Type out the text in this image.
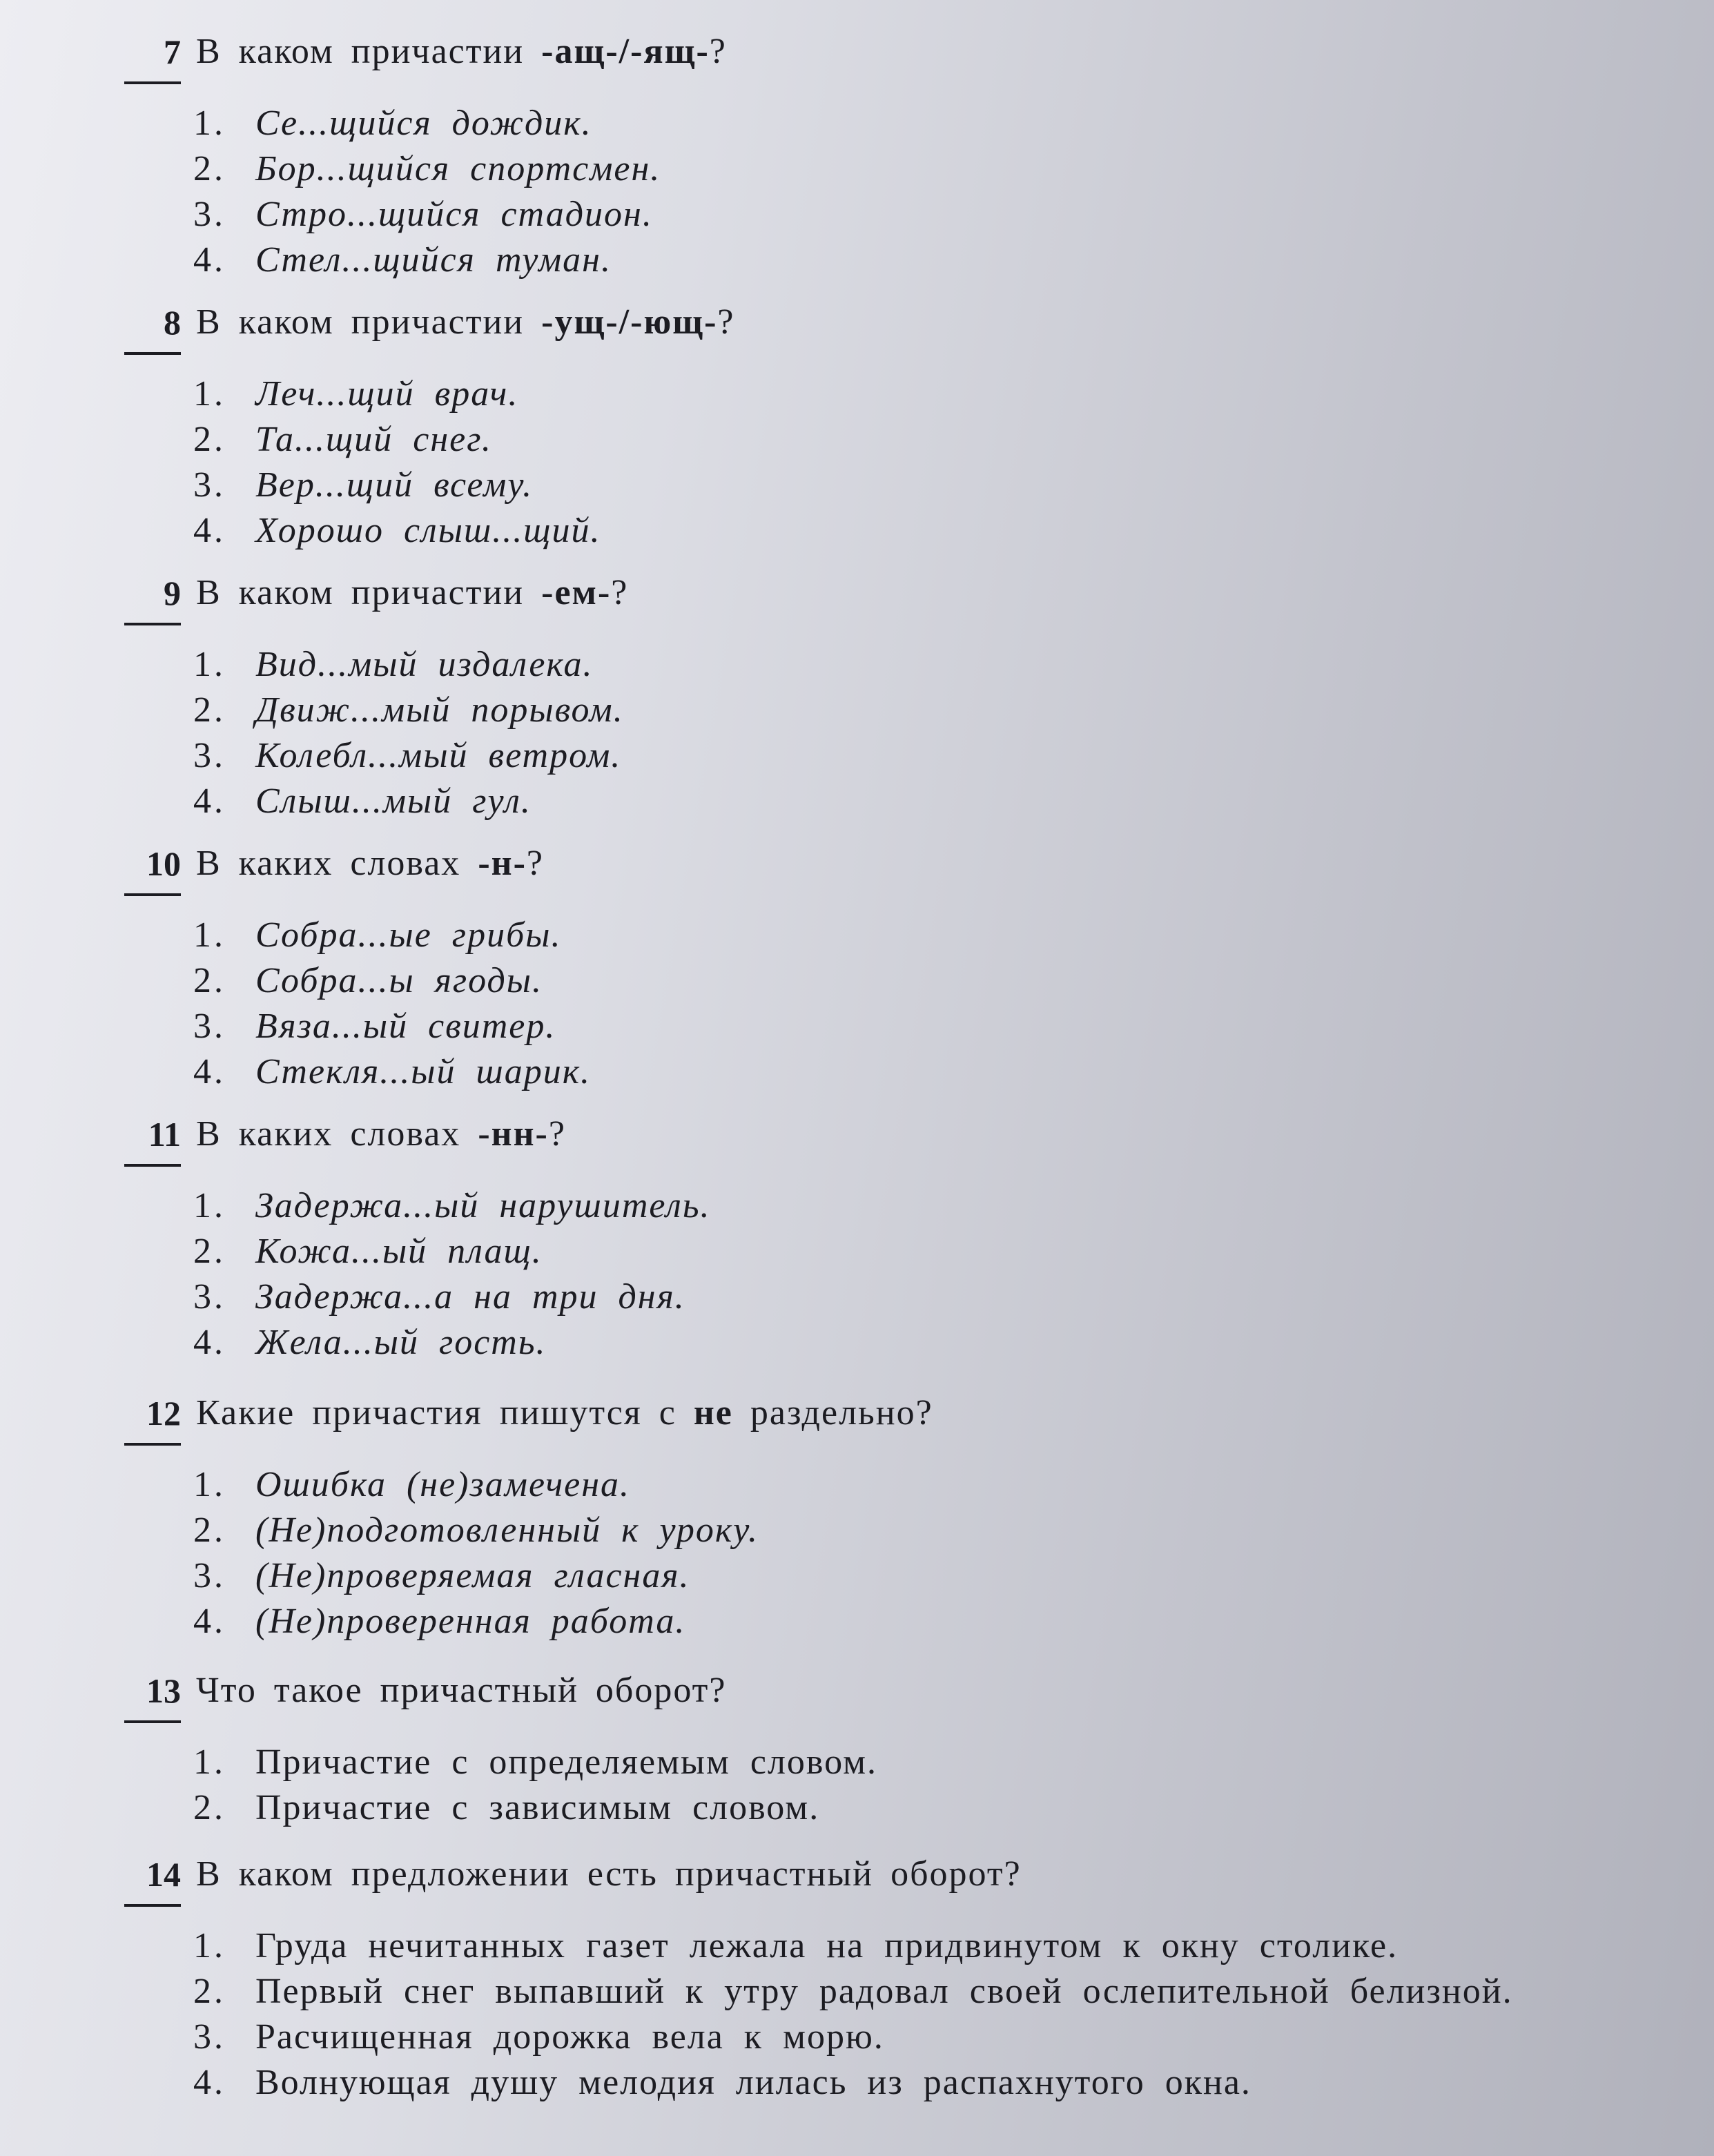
7 В каком причастии -ащ-/-ящ-?
1. Се...щийся дождик.
2. Бор...щийся спортсмен.
3. Стро...щийся стадион.
4. Стел...щийся туман.
8 В каком причастии -ущ-/-ющ-?
1. Леч...щий врач.
2. Та...щий снег.
3. Вер...щий всему.
4. Хорошо слыш...щий.
9 В каком причастии -ем-?
1. Вид...мый издалека.
2. Движ...мый порывом.
3. Колебл...мый ветром.
4. Слыш...мый гул.
10 В каких словах -н-?
1. Собра...ые грибы.
2. Собра...ы ягоды.
3. Вяза...ый свитер.
4. Стекля...ый шарик.
11 В каких словах -нн-?
1. Задержа...ый нарушитель.
2. Кожа...ый плащ.
3. Задержа...а на три дня.
4. Жела...ый гость.
12 Какие причастия пишутся с не раздельно?
1. Ошибка (не)замечена.
2. (Не)подготовленный к уроку.
3. (Не)проверяемая гласная.
4. (Не)проверенная работа.
13 Что такое причастный оборот?
1. Причастие с определяемым словом.
2. Причастие с зависимым словом.
14 В каком предложении есть причастный оборот?
1. Груда нечитанных газет лежала на придвинутом к окну столике.
2. Первый снег выпавший к утру радовал своей ослепительной белизной.
3. Расчищенная дорожка вела к морю.
4. Волнующая душу мелодия лилась из распахнутого окна.
